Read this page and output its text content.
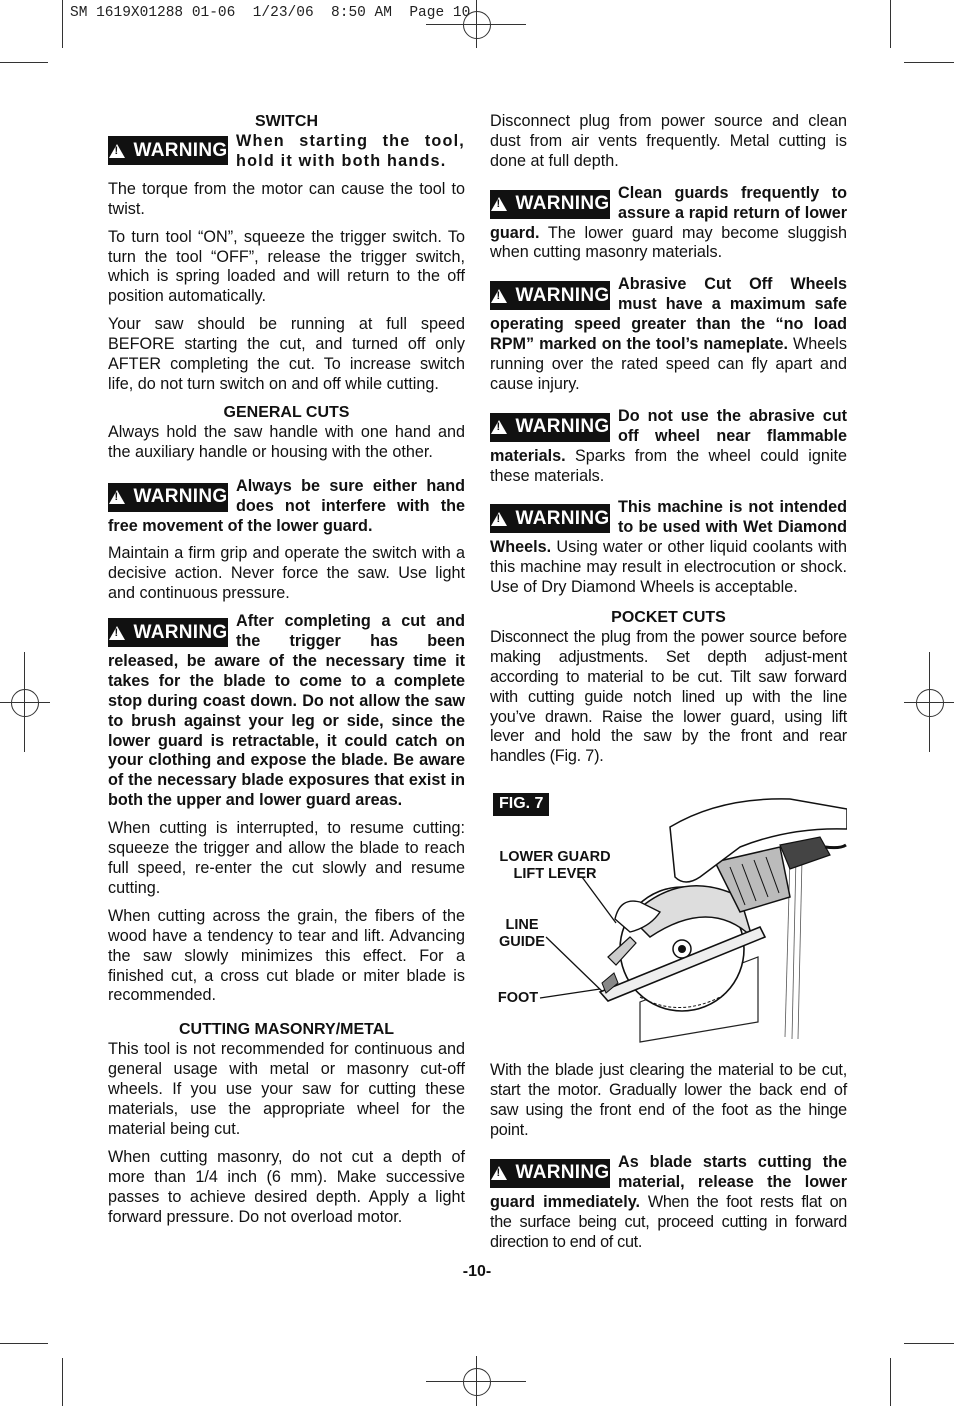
SM 1619X01288 01-06  1/23/06  8:50 AM  Page 10
SWITCH
!
WARNING When starting the tool, hold it with both hands.

The torque from the motor can cause the tool to twist.

To turn tool “ON”, squeeze the trigger switch. To turn the tool “OFF”, release the trigger switch, which is spring loaded and will return to the off position automatically.

Your saw should be running at full speed BEFORE starting the cut, and turned off only AFTER completing the cut. To increase switch life, do not turn switch on and off while cutting.

GENERAL CUTS

Always hold the saw handle with one hand and the auxiliary handle or housing with the other.

!
WARNING
Always be sure either hand does not interfere with the free movement of the lower guard.

Maintain a firm grip and operate the switch with a decisive action. Never force the saw. Use light and continuous pressure.

!
WARNING
After completing a cut and the trigger has been released, be aware of the necessary time it takes for the blade to come to a complete stop during coast down. Do not allow the saw to brush against your leg or side, since the lower guard is retractable, it could catch on your clothing and expose the blade. Be aware of the necessary blade exposures that exist in both the upper and lower guard areas.

When cutting is interrupted, to resume cutting: squeeze the trigger and allow the blade to reach full speed, re-enter the cut slowly and resume cutting.

When cutting across the grain, the fibers of the wood have a tendency to tear and lift. Advancing the saw slowly minimizes this effect. For a finished cut, a cross cut blade or miter blade is recommended.

CUTTING MASONRY/METAL

This tool is not recommended for continuous and general usage with metal or masonry cut-off wheels. If you use your saw for cutting these materials, use the appropriate wheel for the material being cut.

When cutting masonry, do not cut a depth of more than 1/4 inch (6 mm). Make successive passes to achieve desired depth. Apply a light forward pressure. Do not overload motor.

Disconnect plug from power source and clean dust from air vents frequently. Metal cutting is done at full depth.

!
WARNING
Clean guards frequently to assure a rapid return of lower guard. The lower guard may become sluggish when cutting masonry materials.
!
WARNING
Abrasive Cut Off Wheels must have a maximum safe operating speed greater than the “no load RPM” marked on the tool’s nameplate. Wheels running over the rated speed can fly apart and cause injury.
!
WARNING
Do not use the abrasive cut off wheel near flammable materials. Sparks from the wheel could ignite these materials.
!
WARNING
This machine is not intended to be used with Wet Diamond Wheels. Using water or other liquid coolants with this machine may result in electrocution or shock. Use of Dry Diamond Wheels is acceptable.
POCKET CUTS

Disconnect the plug from the power source before making adjustments. Set depth adjust-ment according to material to be cut. Tilt saw forward with cutting guide notch lined up with the line you’ve drawn. Raise the lower guard, using lift lever and hold the saw by the front and rear handles (Fig. 7).

FIG. 7
LOWER GUARD
LIFT LEVER
LINE
GUIDE
FOOT

With the blade just clearing the material to be cut, start the motor. Gradually lower the back end of saw using the front end of the foot as the hinge point.

!
WARNING
As blade starts cutting the material, release the lower guard immediately. When the foot rests flat on the surface being cut, proceed cutting in forward direction to end of cut.
-10-
